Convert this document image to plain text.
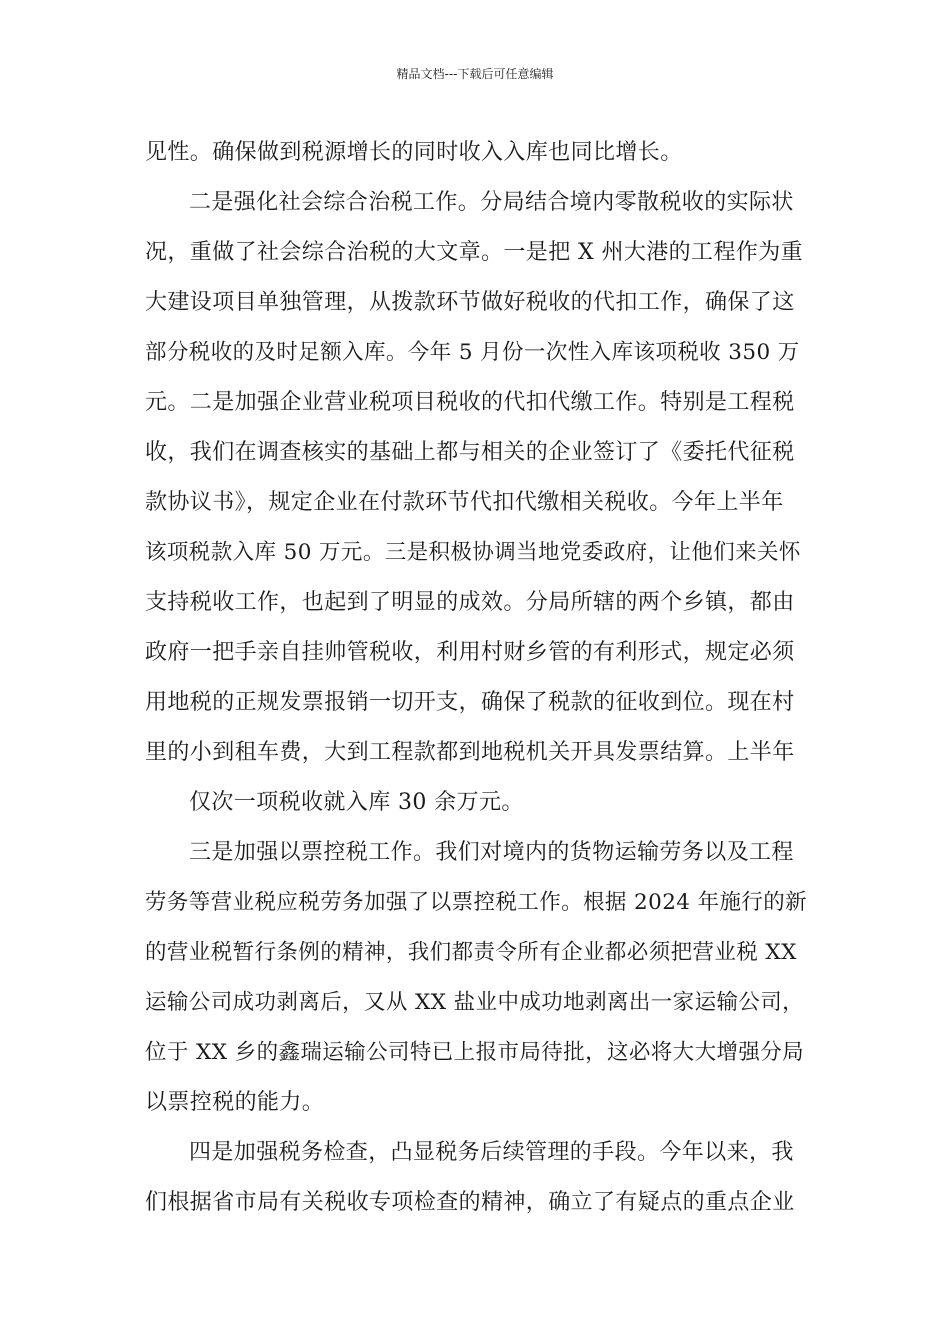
精品文档---下载后可任意编辑
见性。确保做到税源增长的同时收入入库也同比增长。
二是强化社会综合治税工作。分局结合境内零散税收的实际状
况，重做了社会综合治税的大文章。一是把 X 州大港的工程作为重
大建设项目单独管理，从拨款环节做好税收的代扣工作，确保了这
部分税收的及时足额入库。今年 5 月份一次性入库该项税收 350 万
元。二是加强企业营业税项目税收的代扣代缴工作。特别是工程税
收，我们在调查核实的基础上都与相关的企业签订了《委托代征税
款协议书》，规定企业在付款环节代扣代缴相关税收。今年上半年
该项税款入库 50 万元。三是积极协调当地党委政府，让他们来关怀
支持税收工作，也起到了明显的成效。分局所辖的两个乡镇，都由
政府一把手亲自挂帅管税收，利用村财乡管的有利形式，规定必须
用地税的正规发票报销一切开支，确保了税款的征收到位。现在村
里的小到租车费，大到工程款都到地税机关开具发票结算。上半年
仅次一项税收就入库 30 余万元。
三是加强以票控税工作。我们对境内的货物运输劳务以及工程
劳务等营业税应税劳务加强了以票控税工作。根据 2024 年施行的新
的营业税暂行条例的精神，我们都责令所有企业都必须把营业税 XX
运输公司成功剥离后，又从 XX 盐业中成功地剥离出一家运输公司，
位于 XX 乡的鑫瑞运输公司特已上报市局待批，这必将大大增强分局
以票控税的能力。
四是加强税务检查，凸显税务后续管理的手段。今年以来，我
们根据省市局有关税收专项检查的精神，确立了有疑点的重点企业
